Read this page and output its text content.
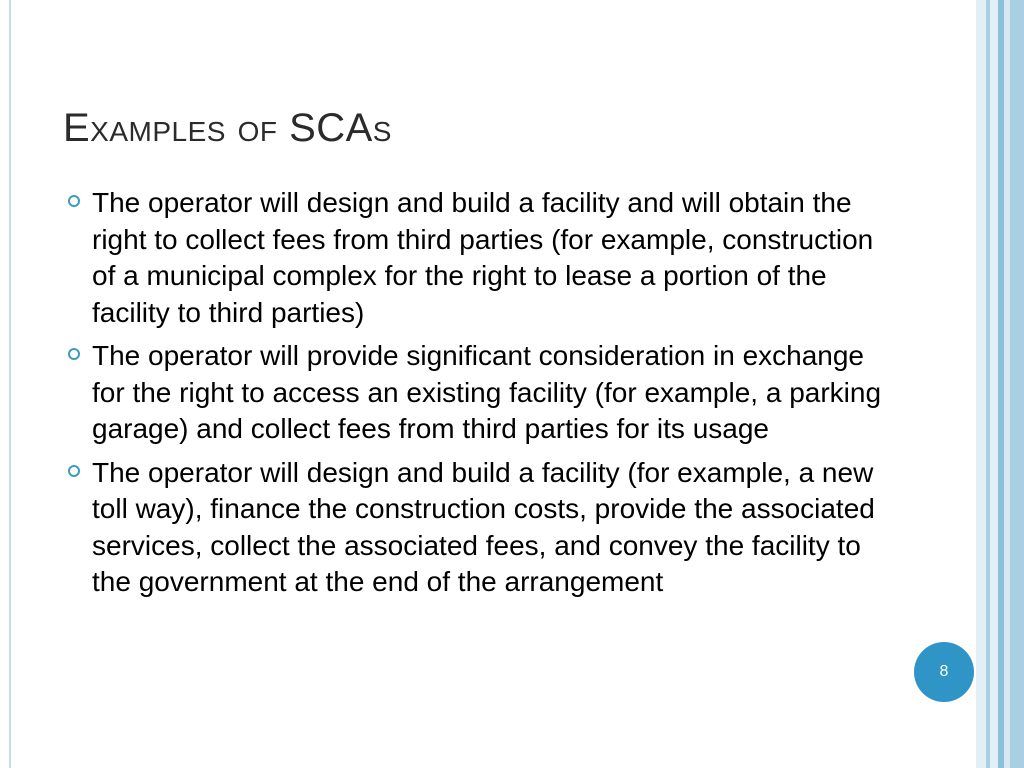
Examples of SCAs
The operator will design and build a facility and will obtain the right to collect fees from third parties (for example, construction of a municipal complex for the right to lease a portion of the facility to third parties)
The operator will provide significant consideration in exchange for the right to access an existing facility (for example, a parking garage) and collect fees from third parties for its usage
The operator will design and build a facility (for example, a new toll way), finance the construction costs, provide the associated services, collect the associated fees, and convey the facility to the government at the end of the arrangement
8
